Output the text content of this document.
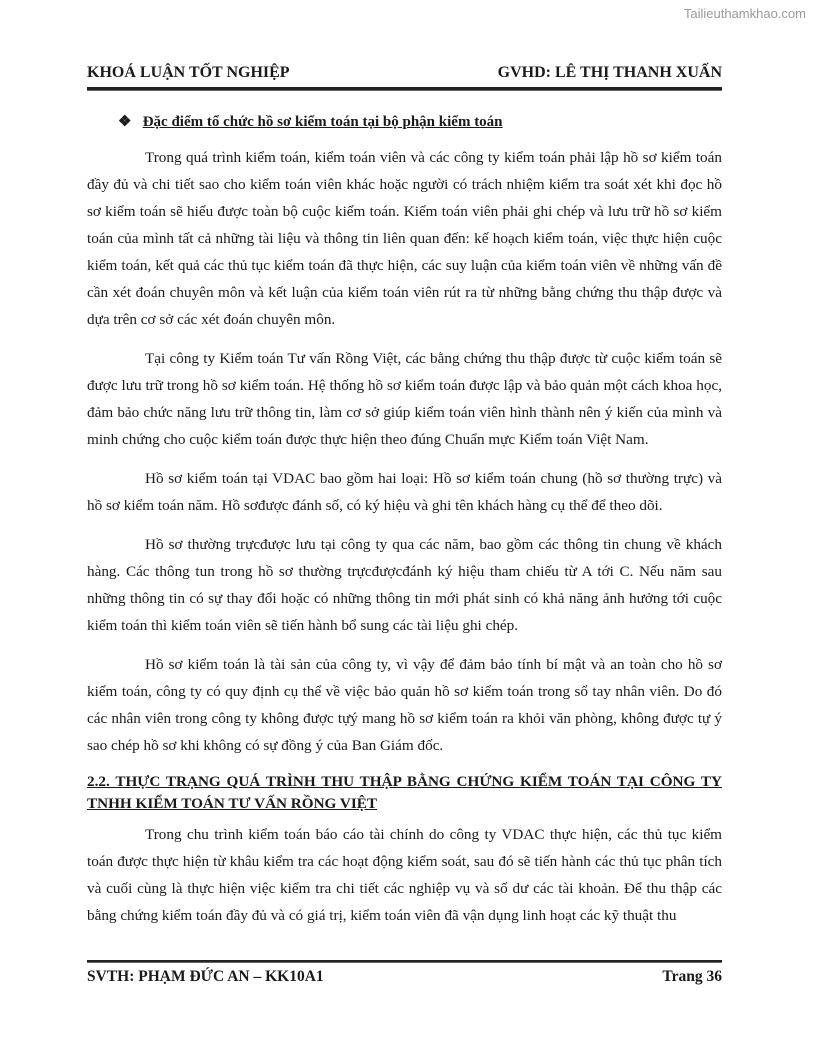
Tailieuthamkhao.com
KHOÁ LUẬN TỐT NGHIỆP	GVHD: LÊ THỊ THANH XUẤN
❖ Đặc điểm tổ chức hồ sơ kiểm toán tại bộ phận kiểm toán

Trong quá trình kiểm toán, kiểm toán viên và các công ty kiểm toán phải lập hồ sơ kiểm toán đầy đủ và chi tiết sao cho kiểm toán viên khác hoặc người có trách nhiệm kiểm tra soát xét khi đọc hồ sơ kiểm toán sẽ hiểu được toàn bộ cuộc kiểm toán. Kiểm toán viên phải ghi chép và lưu trữ hồ sơ kiểm toán của mình tất cả những tài liệu và thông tin liên quan đến: kế hoạch kiểm toán, việc thực hiện cuộc kiểm toán, kết quả các thủ tục kiểm toán đã thực hiện, các suy luận của kiểm toán viên về những vấn đề cần xét đoán chuyên môn và kết luận của kiểm toán viên rút ra từ những bằng chứng thu thập được và dựa trên cơ sở các xét đoán chuyên môn.

Tại công ty Kiểm toán Tư vấn Rồng Việt, các bằng chứng thu thập được từ cuộc kiểm toán sẽ được lưu trữ trong hồ sơ kiểm toán. Hệ thống hồ sơ kiểm toán được lập và bảo quản một cách khoa học, đảm bảo chức năng lưu trữ thông tin, làm cơ sở giúp kiểm toán viên hình thành nên ý kiến của mình và minh chứng cho cuộc kiểm toán được thực hiện theo đúng Chuẩn mực Kiểm toán Việt Nam.

Hồ sơ kiểm toán tại VDAC bao gồm hai loại: Hồ sơ kiểm toán chung (hồ sơ thường trực) và hồ sơ kiểm toán năm. Hồ sơđược đánh số, có ký hiệu và ghi tên khách hàng cụ thể để theo dõi.

Hồ sơ thường trựcđược lưu tại công ty qua các năm, bao gồm các thông tin chung về khách hàng. Các thông tun trong hồ sơ thường trựcđượcđánh ký hiệu tham chiếu từ A tới C. Nếu năm sau những thông tin có sự thay đổi hoặc có những thông tin mới phát sinh có khả năng ảnh hưởng tới cuộc kiểm toán thì kiểm toán viên sẽ tiến hành bổ sung các tài liệu ghi chép.

Hồ sơ kiểm toán là tài sản của công ty, vì vậy để đảm bảo tính bí mật và an toàn cho hồ sơ kiểm toán, công ty có quy định cụ thể về việc bảo quản hồ sơ kiểm toán trong sổ tay nhân viên. Do đó các nhân viên trong công ty không được tựý mang hồ sơ kiểm toán ra khỏi văn phòng, không được tự ý sao chép hồ sơ khi không có sự đồng ý của Ban Giám đốc.

2.2. THỰC TRẠNG QUÁ TRÌNH THU THẬP BẰNG CHỨNG KIỂM TOÁN TẠI CÔNG TY TNHH KIỂM TOÁN TƯ VẤN RỒNG VIỆT

Trong chu trình kiểm toán báo cáo tài chính do công ty VDAC thực hiện, các thủ tục kiểm toán được thực hiện từ khâu kiểm tra các hoạt động kiểm soát, sau đó sẽ tiến hành các thủ tục phân tích và cuối cùng là thực hiện việc kiểm tra chi tiết các nghiệp vụ và số dư các tài khoản. Để thu thập các bằng chứng kiểm toán đầy đủ và có giá trị, kiểm toán viên đã vận dụng linh hoạt các kỹ thuật thu

SVTH: PHẠM ĐỨC AN – KK10A1	Trang 36
